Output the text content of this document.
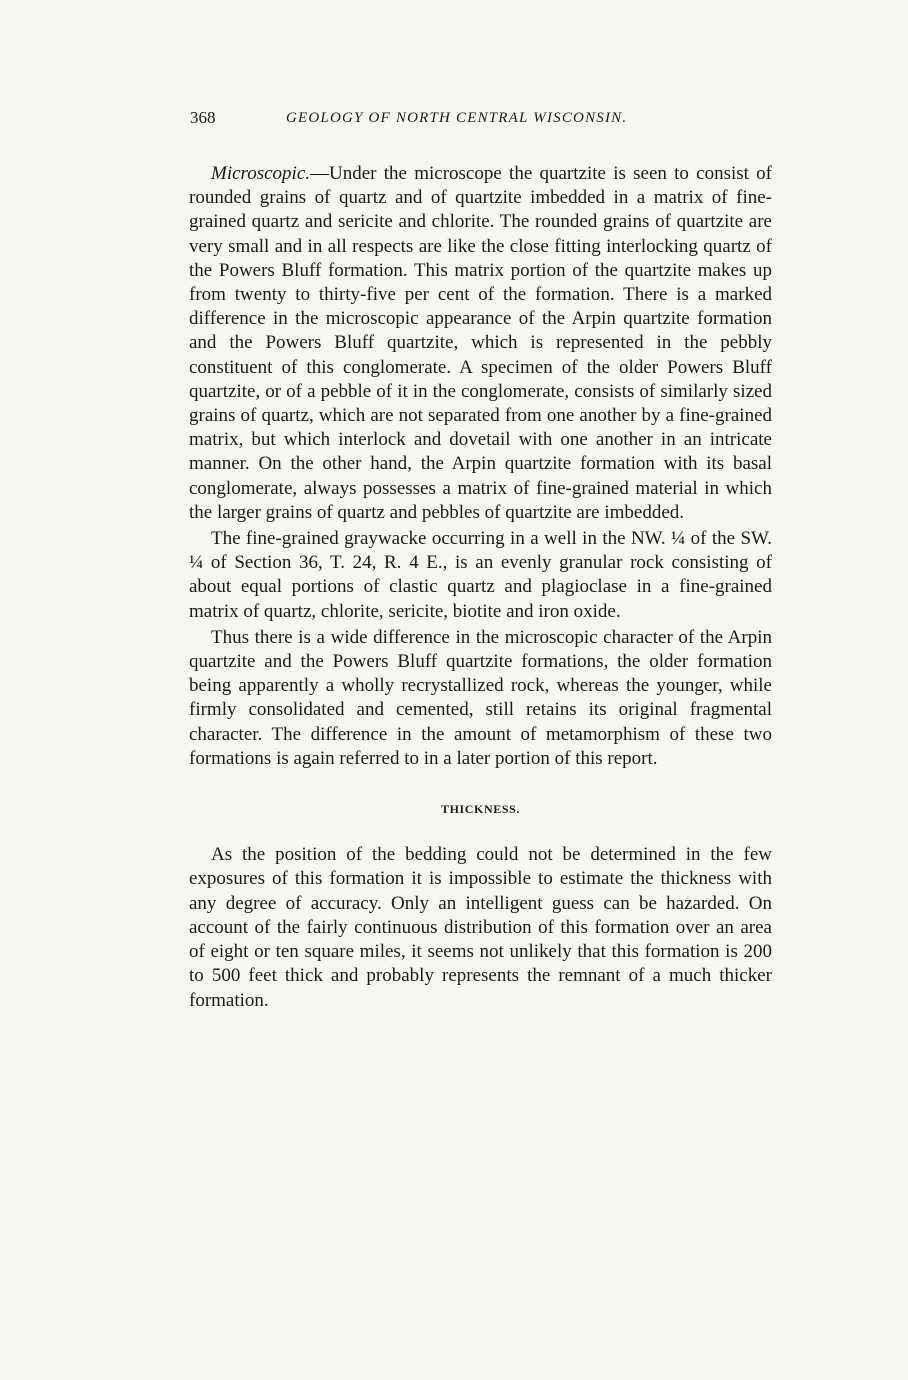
368	GEOLOGY OF NORTH CENTRAL WISCONSIN.

Microscopic.—Under the microscope the quartzite is seen to consist of rounded grains of quartz and of quartzite imbedded in a matrix of fine-grained quartz and sericite and chlorite. The rounded grains of quartzite are very small and in all respects are like the close fitting interlocking quartz of the Powers Bluff formation. This matrix portion of the quartzite makes up from twenty to thirty-five per cent of the formation. There is a marked difference in the microscopic appearance of the Arpin quartzite formation and the Powers Bluff quartzite, which is represented in the pebbly constituent of this conglomerate. A specimen of the older Powers Bluff quartzite, or of a pebble of it in the conglomerate, consists of similarly sized grains of quartz, which are not separated from one another by a fine-grained matrix, but which interlock and dovetail with one another in an intricate manner. On the other hand, the Arpin quartzite formation with its basal conglomerate, always possesses a matrix of fine-grained material in which the larger grains of quartz and pebbles of quartzite are imbedded.

The fine-grained graywacke occurring in a well in the NW. ¼ of the SW. ¼ of Section 36, T. 24, R. 4 E., is an evenly granular rock consisting of about equal portions of clastic quartz and plagioclase in a fine-grained matrix of quartz, chlorite, sericite, biotite and iron oxide.

Thus there is a wide difference in the microscopic character of the Arpin quartzite and the Powers Bluff quartzite formations, the older formation being apparently a wholly recrystallized rock, whereas the younger, while firmly consolidated and cemented, still retains its original fragmental character. The difference in the amount of metamorphism of these two formations is again referred to in a later portion of this report.

THICKNESS.

As the position of the bedding could not be determined in the few exposures of this formation it is impossible to estimate the thickness with any degree of accuracy. Only an intelligent guess can be hazarded. On account of the fairly continuous distribution of this formation over an area of eight or ten square miles, it seems not unlikely that this formation is 200 to 500 feet thick and probably represents the remnant of a much thicker formation.
